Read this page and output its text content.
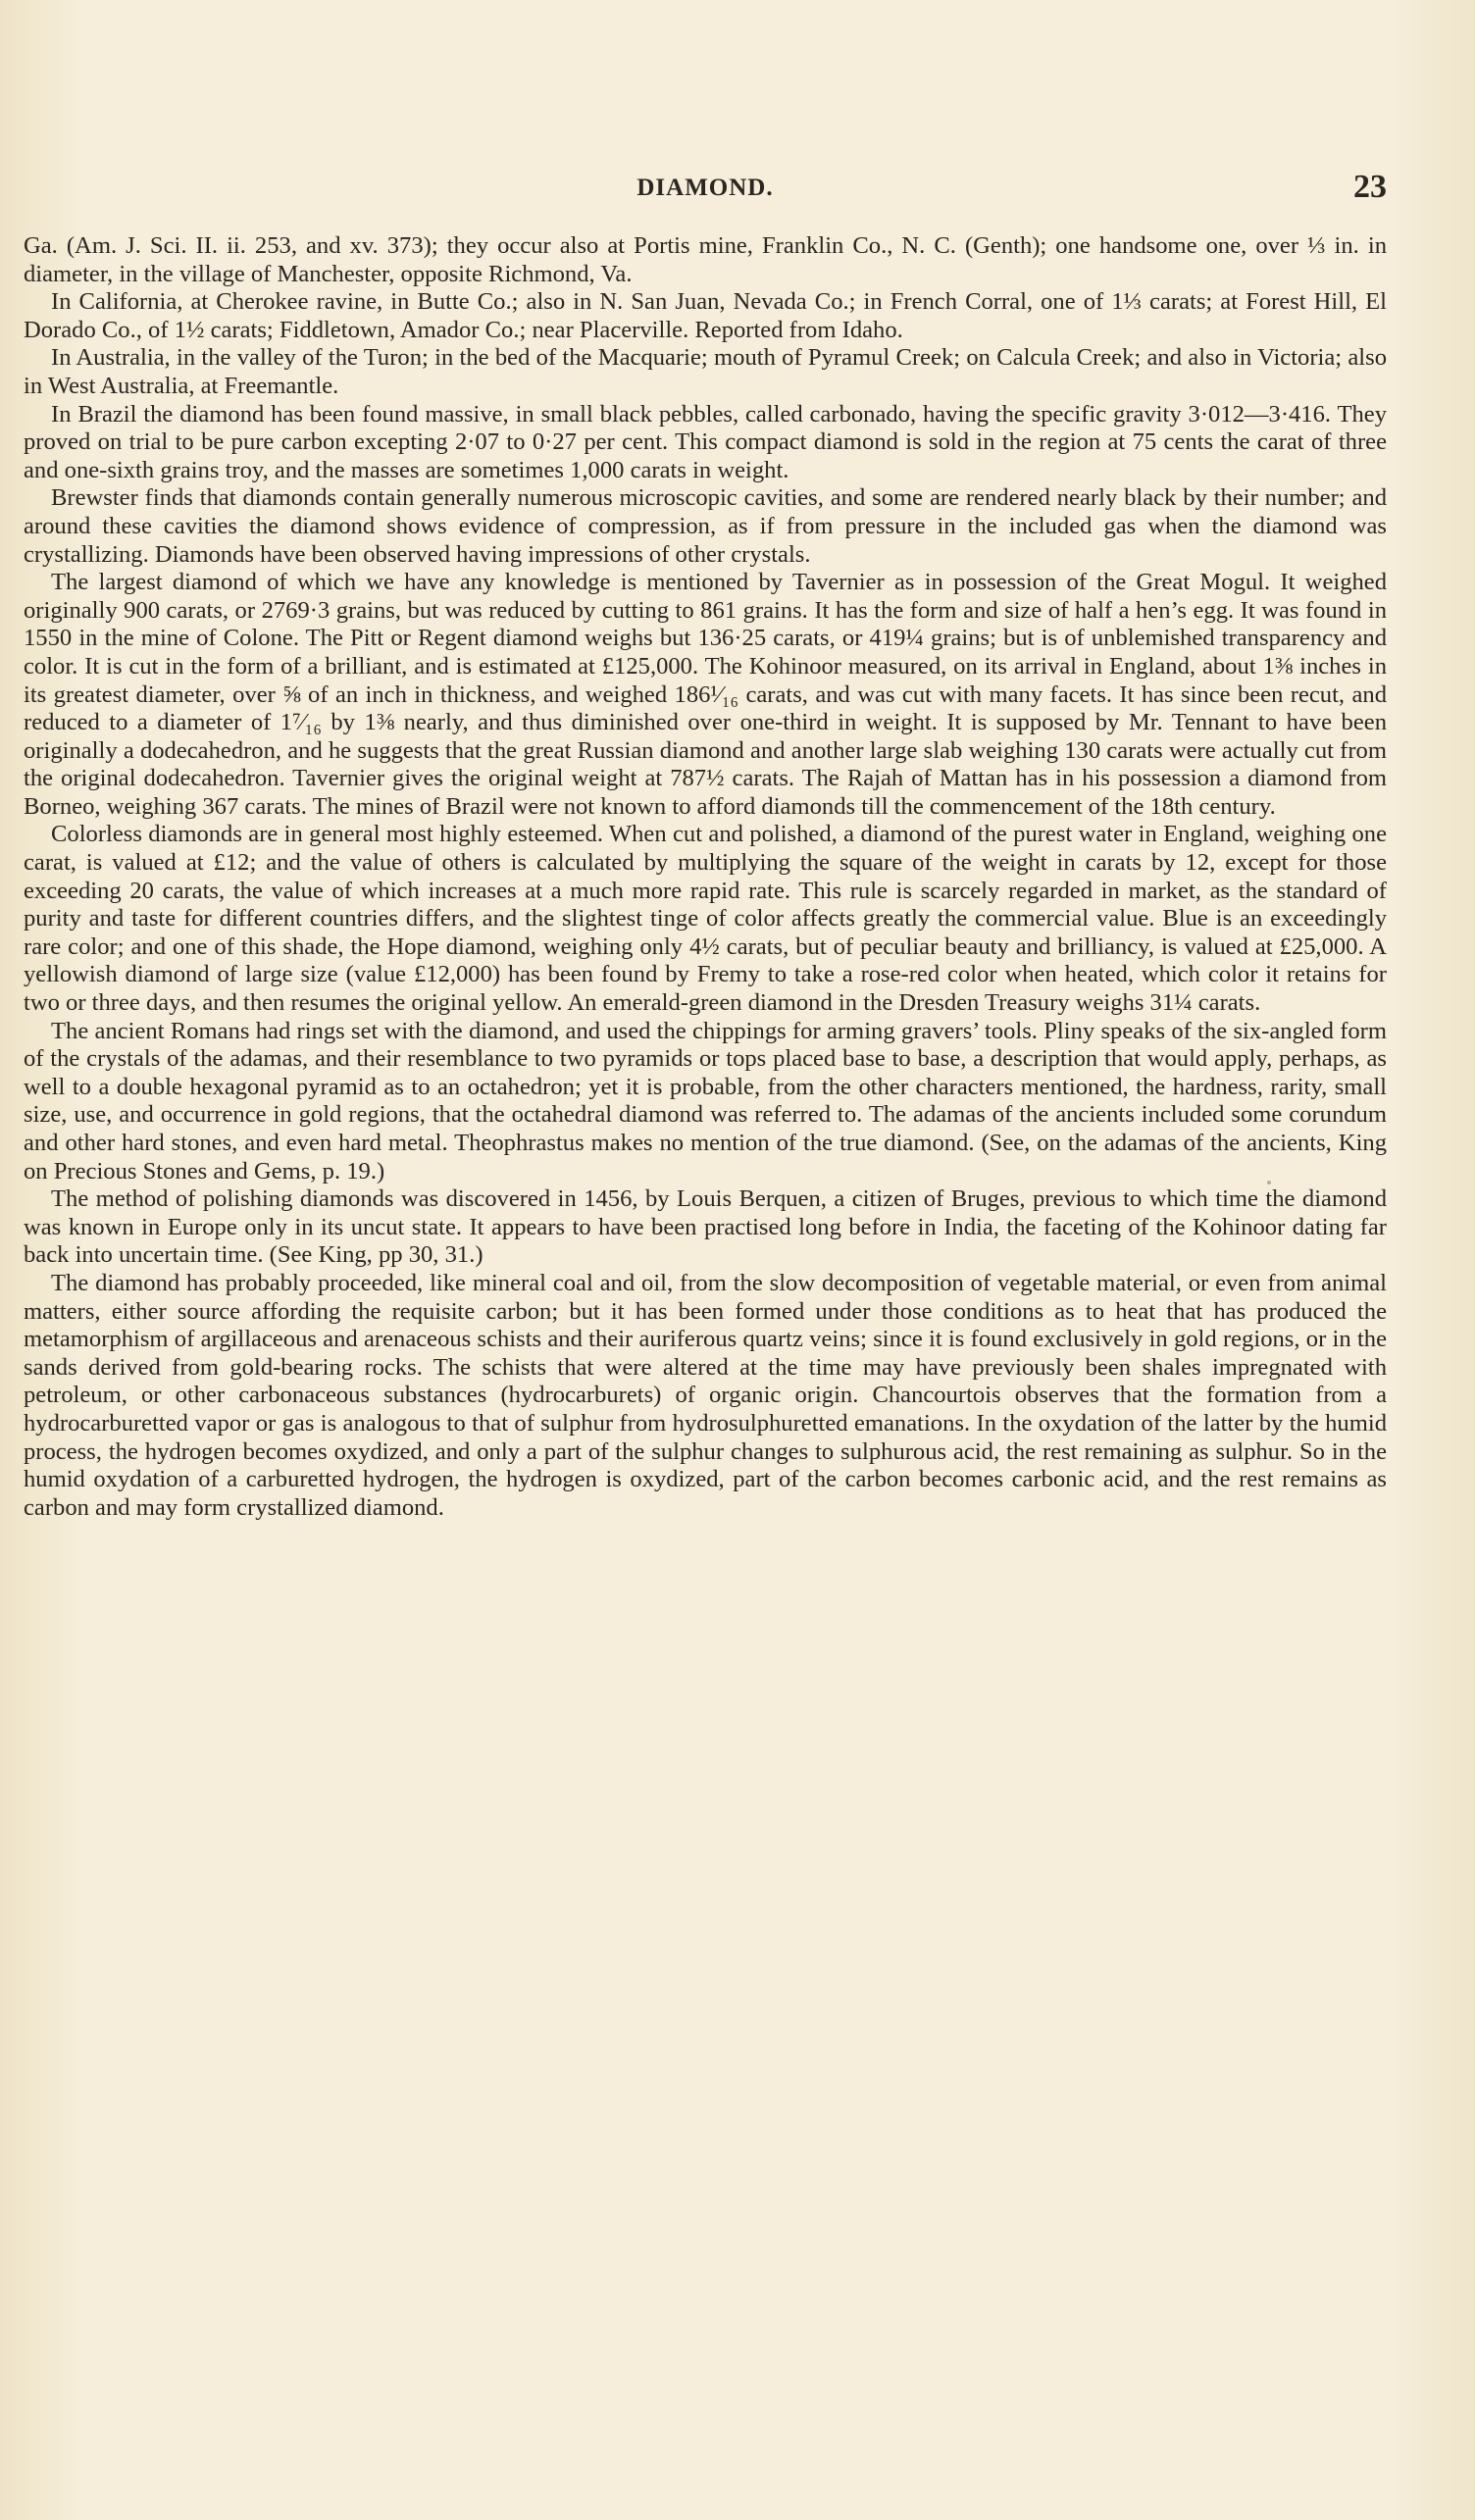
DIAMOND.	23

Ga. (Am. J. Sci. II. ii. 253, and xv. 373); they occur also at Portis mine, Franklin Co., N. C. (Genth); one handsome one, over ⅓ in. in diameter, in the village of Manchester, opposite Richmond, Va.

In California, at Cherokee ravine, in Butte Co.; also in N. San Juan, Nevada Co.; in French Corral, one of 1⅓ carats; at Forest Hill, El Dorado Co., of 1½ carats; Fiddletown, Amador Co.; near Placerville. Reported from Idaho.

In Australia, in the valley of the Turon; in the bed of the Macquarie; mouth of Pyramul Creek; on Calcula Creek; and also in Victoria; also in West Australia, at Freemantle.

In Brazil the diamond has been found massive, in small black pebbles, called carbonado, having the specific gravity 3·012—3·416. They proved on trial to be pure carbon excepting 2·07 to 0·27 per cent. This compact diamond is sold in the region at 75 cents the carat of three and one-sixth grains troy, and the masses are sometimes 1,000 carats in weight.

Brewster finds that diamonds contain generally numerous microscopic cavities, and some are rendered nearly black by their number; and around these cavities the diamond shows evidence of compression, as if from pressure in the included gas when the diamond was crystallizing. Diamonds have been observed having impressions of other crystals.

The largest diamond of which we have any knowledge is mentioned by Tavernier as in possession of the Great Mogul. It weighed originally 900 carats, or 2769·3 grains, but was reduced by cutting to 861 grains. It has the form and size of half a hen’s egg. It was found in 1550 in the mine of Colone. The Pitt or Regent diamond weighs but 136·25 carats, or 419¼ grains; but is of unblemished transparency and color. It is cut in the form of a brilliant, and is estimated at £125,000. The Kohinoor measured, on its arrival in England, about 1⅜ inches in its greatest diameter, over ⅝ of an inch in thickness, and weighed 186¹⁄₁₆ carats, and was cut with many facets. It has since been recut, and reduced to a diameter of 1⁷⁄₁₆ by 1⅜ nearly, and thus diminished over one-third in weight. It is supposed by Mr. Tennant to have been originally a dodecahedron, and he suggests that the great Russian diamond and another large slab weighing 130 carats were actually cut from the original dodecahedron. Tavernier gives the original weight at 787½ carats. The Rajah of Mattan has in his possession a diamond from Borneo, weighing 367 carats. The mines of Brazil were not known to afford diamonds till the commencement of the 18th century.

Colorless diamonds are in general most highly esteemed. When cut and polished, a diamond of the purest water in England, weighing one carat, is valued at £12; and the value of others is calculated by multiplying the square of the weight in carats by 12, except for those exceeding 20 carats, the value of which increases at a much more rapid rate. This rule is scarcely regarded in market, as the standard of purity and taste for different countries differs, and the slightest tinge of color affects greatly the commercial value. Blue is an exceedingly rare color; and one of this shade, the Hope diamond, weighing only 4½ carats, but of peculiar beauty and brilliancy, is valued at £25,000. A yellowish diamond of large size (value £12,000) has been found by Fremy to take a rose-red color when heated, which color it retains for two or three days, and then resumes the original yellow. An emerald-green diamond in the Dresden Treasury weighs 31¼ carats.

The ancient Romans had rings set with the diamond, and used the chippings for arming gravers’ tools. Pliny speaks of the six-angled form of the crystals of the adamas, and their resemblance to two pyramids or tops placed base to base, a description that would apply, perhaps, as well to a double hexagonal pyramid as to an octahedron; yet it is probable, from the other characters mentioned, the hardness, rarity, small size, use, and occurrence in gold regions, that the octahedral diamond was referred to. The adamas of the ancients included some corundum and other hard stones, and even hard metal. Theophrastus makes no mention of the true diamond. (See, on the adamas of the ancients, King on Precious Stones and Gems, p. 19.)

The method of polishing diamonds was discovered in 1456, by Louis Berquen, a citizen of Bruges, previous to which time the diamond was known in Europe only in its uncut state. It appears to have been practised long before in India, the faceting of the Kohinoor dating far back into uncertain time. (See King, pp 30, 31.)

The diamond has probably proceeded, like mineral coal and oil, from the slow decomposition of vegetable material, or even from animal matters, either source affording the requisite carbon; but it has been formed under those conditions as to heat that has produced the metamorphism of argillaceous and arenaceous schists and their auriferous quartz veins; since it is found exclusively in gold regions, or in the sands derived from gold-bearing rocks. The schists that were altered at the time may have previously been shales impregnated with petroleum, or other carbonaceous substances (hydrocarburets) of organic origin. Chancourtois observes that the formation from a hydrocarburetted vapor or gas is analogous to that of sulphur from hydrosulphuretted emanations. In the oxydation of the latter by the humid process, the hydrogen becomes oxydized, and only a part of the sulphur changes to sulphurous acid, the rest remaining as sulphur. So in the humid oxydation of a carburetted hydrogen, the hydrogen is oxydized, part of the carbon becomes carbonic acid, and the rest remains as carbon and may form crystallized diamond.
